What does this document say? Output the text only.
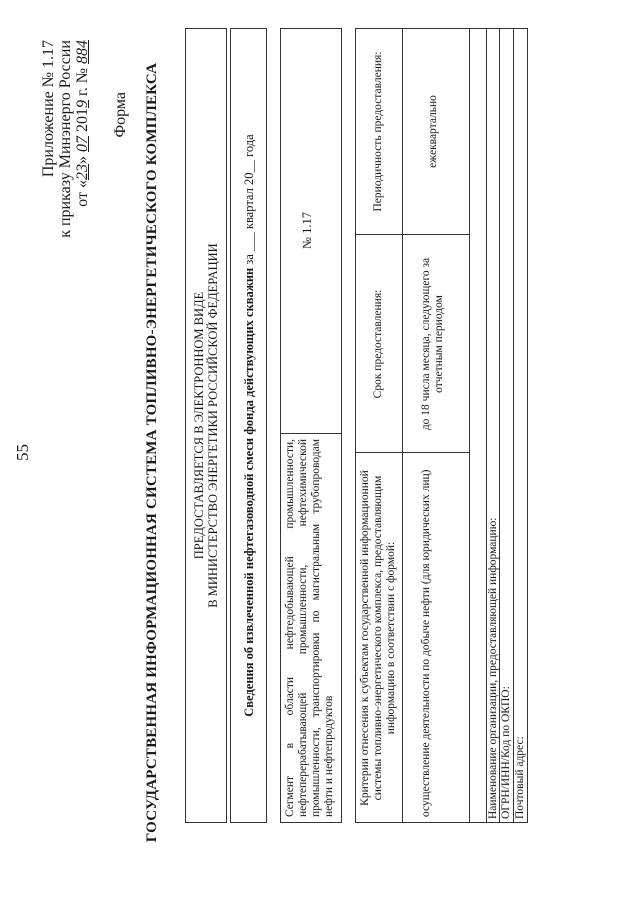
55
Приложение № 1.17 к приказу Минэнерго России от «23» 07 2019 г. № 884
Форма ГОСУДАРСТВЕННАЯ ИНФОРМАЦИОННАЯ СИСТЕМА ТОПЛИВНО-ЭНЕРГЕТИЧЕСКОГО КОМПЛЕКСА	ПРЕДОСТАВЛЯЕТСЯ В ЭЛЕКТРОННОМ ВИДЕ В МИНИСТЕРСТВО ЭНЕРГЕТИКИ РОССИЙСКОЙ ФЕДЕРАЦИИ Сведения об извлеченной нефтегазоводной смеси фонда действующих скважин за ___ квартал 20__ года
Сегмент в области нефтедобывающей промышленности, нефтеперерабатывающей промышленности, нефтехимической промышленности, транспортировки по магистральным трубопроводам нефти и нефтепродуктов
№ 1.17
Критерии отнесения к субъектам государственной информационной системы топливно-энергетического комплекса, предоставляющим информацию в соответствии с формой:
Срок предоставления:
Периодичность предоставления:
осуществление деятельности по добыче нефти (для юридических лиц)
до 18 числа месяца, следующего за отчетным периодом
ежеквартально
Наименование организации, предоставляющей информацию: ОГРН/ИНН/Код по ОКПО: Почтовый адрес:
